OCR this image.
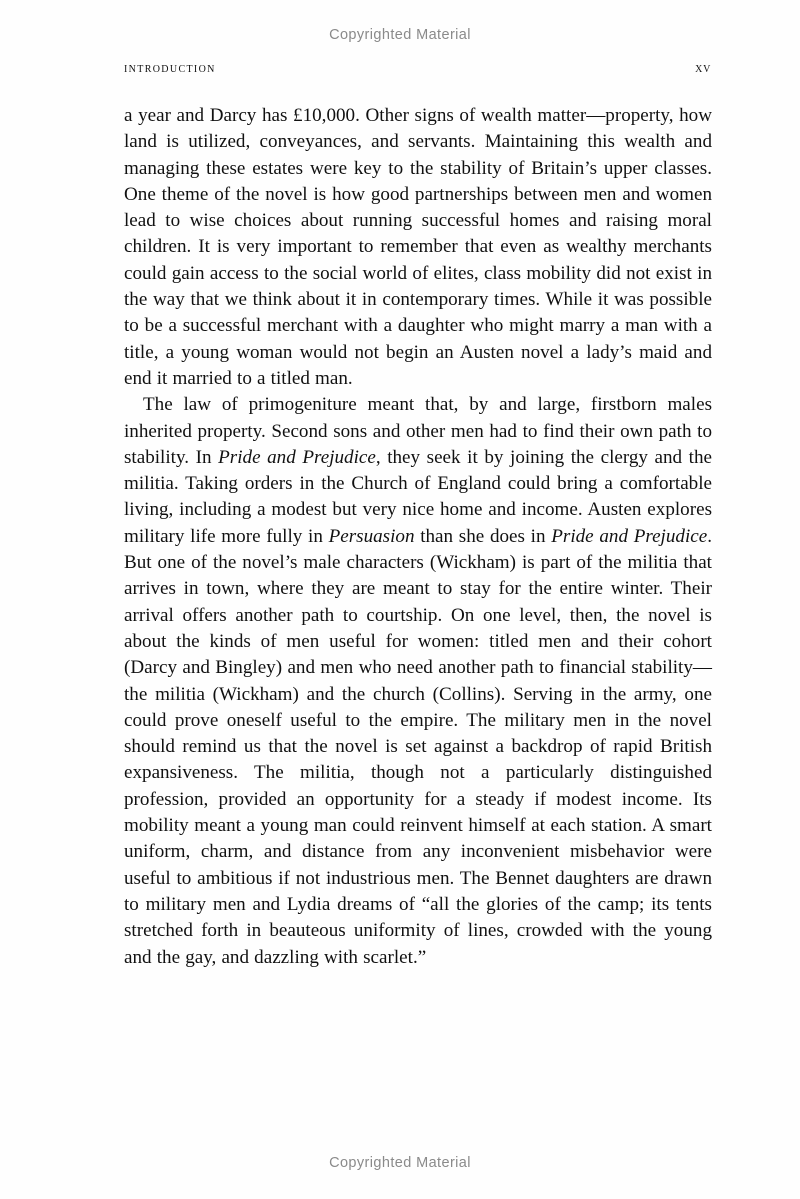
Copyrighted Material
introduction	xv

a year and Darcy has £10,000. Other signs of wealth matter—property, how land is utilized, conveyances, and servants. Maintaining this wealth and managing these estates were key to the stability of Britain’s upper classes. One theme of the novel is how good partnerships between men and women lead to wise choices about running successful homes and raising moral children. It is very important to remember that even as wealthy merchants could gain access to the social world of elites, class mobility did not exist in the way that we think about it in contemporary times. While it was possible to be a successful merchant with a daughter who might marry a man with a title, a young woman would not begin an Austen novel a lady’s maid and end it married to a titled man.

The law of primogeniture meant that, by and large, firstborn males inherited property. Second sons and other men had to find their own path to stability. In Pride and Prejudice, they seek it by joining the clergy and the militia. Taking orders in the Church of England could bring a comfortable living, including a modest but very nice home and income. Austen explores military life more fully in Persuasion than she does in Pride and Prejudice. But one of the novel’s male characters (Wickham) is part of the militia that arrives in town, where they are meant to stay for the entire winter. Their arrival offers another path to courtship. On one level, then, the novel is about the kinds of men useful for women: titled men and their cohort (Darcy and Bingley) and men who need another path to financial stability—the militia (Wickham) and the church (Collins). Serving in the army, one could prove oneself useful to the empire. The military men in the novel should remind us that the novel is set against a backdrop of rapid British expansiveness. The militia, though not a particularly distinguished profession, provided an opportunity for a steady if modest income. Its mobility meant a young man could reinvent himself at each station. A smart uniform, charm, and distance from any inconvenient misbehavior were useful to ambitious if not industrious men. The Bennet daughters are drawn to military men and Lydia dreams of “all the glories of the camp; its tents stretched forth in beauteous uniformity of lines, crowded with the young and the gay, and dazzling with scarlet.”

Copyrighted Material
